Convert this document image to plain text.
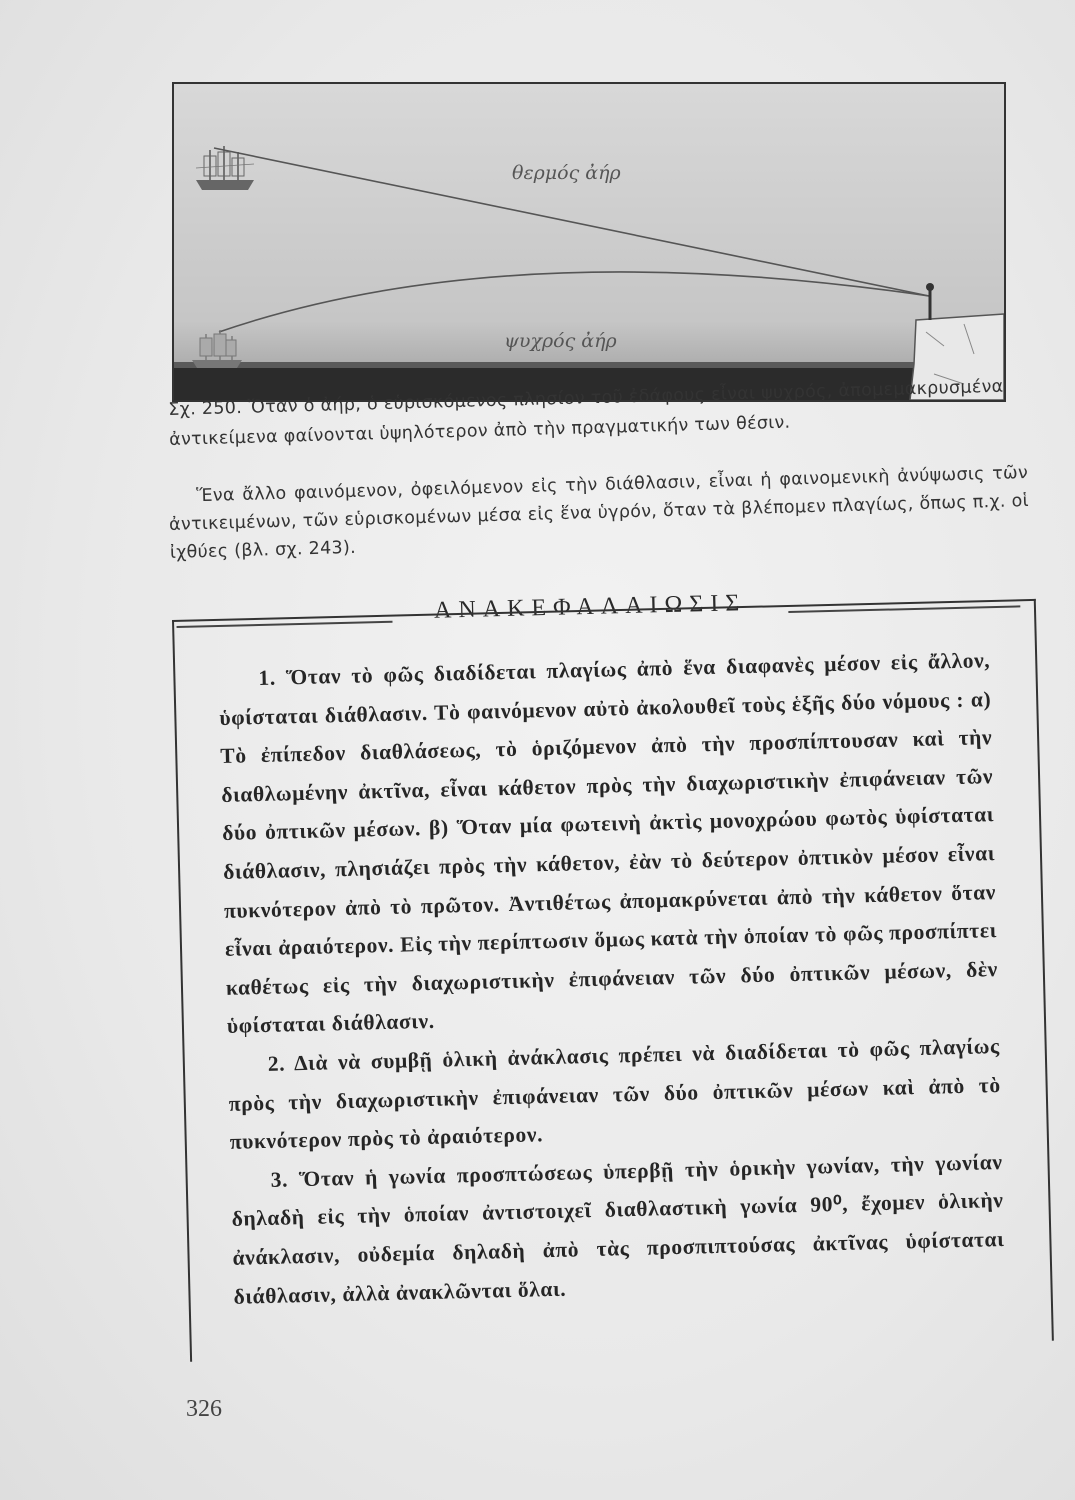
θερμός ἀήρ
ψυχρός ἀήρ
Σχ. 250. Ὅταν ὁ ἀήρ, ὁ εὑρισκόμενος πλησίον τοῦ ἐδάφους εἶναι ψυχρός, ἀπομεμακρυσμένα ἀντικείμενα φαίνονται ὑψηλότερον ἀπὸ τὴν πραγματικήν των θέσιν.
Ἕνα ἄλλο φαινόμενον, ὀφειλόμενον εἰς τὴν διάθλασιν, εἶναι ἡ φαινομενικὴ ἀνύψωσις τῶν ἀντικειμένων, τῶν εὑρισκομένων μέσα εἰς ἕνα ὑγρόν, ὅταν τὰ βλέπομεν πλαγίως, ὅπως π.χ. οἱ ἰχθύες (βλ. σχ. 243).
ΑΝΑΚΕΦΑΛΑΙΩΣΙΣ

1. Ὅταν τὸ φῶς διαδίδεται πλαγίως ἀπὸ ἕνα διαφανὲς μέσον εἰς ἄλλον, ὑφίσταται διάθλασιν. Τὸ φαινόμενον αὐτὸ ἀκολουθεῖ τοὺς ἑξῆς δύο νόμους : α) Τὸ ἐπίπεδον διαθλάσεως, τὸ ὁριζόμενον ἀπὸ τὴν προσπίπτουσαν καὶ τὴν διαθλωμένην ἀκτῖνα, εἶναι κάθετον πρὸς τὴν διαχωριστικὴν ἐπιφάνειαν τῶν δύο ὀπτικῶν μέσων. β) Ὅταν μία φωτεινὴ ἀκτὶς μονοχρώου φωτὸς ὑφίσταται διάθλασιν, πλησιάζει πρὸς τὴν κάθετον, ἐὰν τὸ δεύτερον ὀπτικὸν μέσον εἶναι πυκνότερον ἀπὸ τὸ πρῶτον. Ἀντιθέτως ἀπομακρύνεται ἀπὸ τὴν κάθετον ὅταν εἶναι ἀραιότερον. Εἰς τὴν περίπτωσιν ὅμως κατὰ τὴν ὁποίαν τὸ φῶς προσπίπτει καθέτως εἰς τὴν διαχωριστικὴν ἐπιφάνειαν τῶν δύο ὀπτικῶν μέσων, δὲν ὑφίσταται διάθλασιν.

2. Διὰ νὰ συμβῇ ὁλικὴ ἀνάκλασις πρέπει νὰ διαδίδεται τὸ φῶς πλαγίως πρὸς τὴν διαχωριστικὴν ἐπιφάνειαν τῶν δύο ὀπτικῶν μέσων καὶ ἀπὸ τὸ πυκνότερον πρὸς τὸ ἀραιότερον.

3. Ὅταν ἡ γωνία προσπτώσεως ὑπερβῇ τὴν ὁρικὴν γωνίαν, τὴν γωνίαν δηλαδὴ εἰς τὴν ὁποίαν ἀντιστοιχεῖ διαθλαστικὴ γωνία 90⁰, ἔχομεν ὁλικὴν ἀνάκλασιν, οὐδεμία δηλαδὴ ἀπὸ τὰς προσπιπτούσας ἀκτῖνας ὑφίσταται διάθλασιν, ἀλλὰ ἀνακλῶνται ὅλαι.

326
